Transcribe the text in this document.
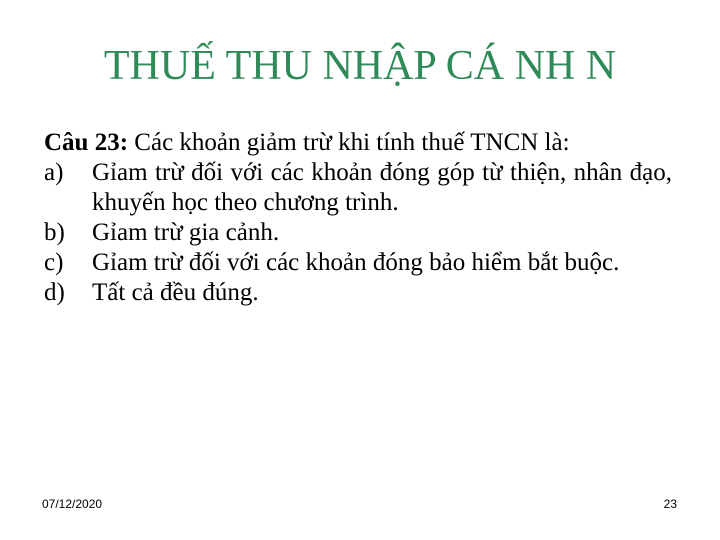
THUẾ THU NHẬP CÁ NH N

Câu 23: Các khoản giảm trừ khi tính thuế TNCN là:

a) Gỉam trừ đối với các khoản đóng góp từ thiện, nhân đạo, khuyến học theo chương trình.
b) Gỉam trừ gia cảnh.
c) Gỉam trừ đối với các khoản đóng bảo hiểm bắt buộc.
d) Tất cả đều đúng.
07/12/2020	23
